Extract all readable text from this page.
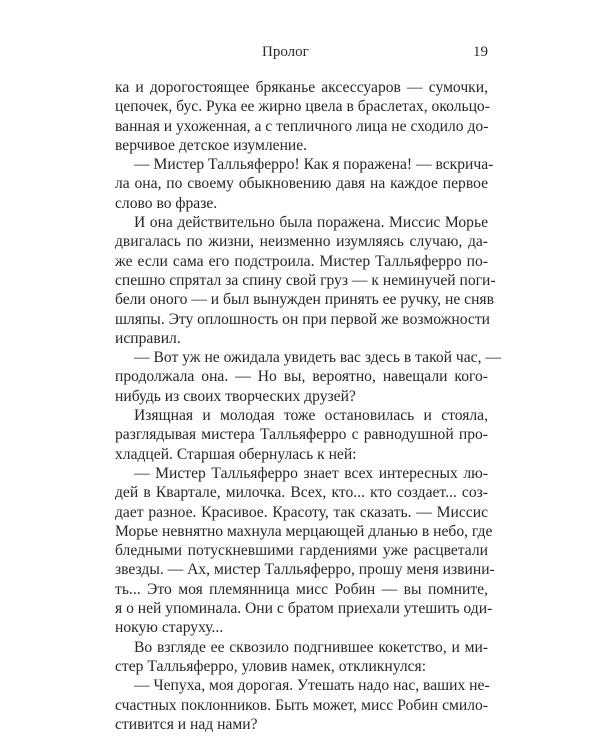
Пролог	19
ка и дорогостоящее бряканье аксессуаров — сумочки,
цепочек, бус. Рука ее жирно цвела в браслетах, окольцо-
ванная и ухоженная, а с тепличного лица не сходило до-
верчивое детское изумление.
— Мистер Талльяферро! Как я поражена! — вскрича-
ла она, по своему обыкновению давя на каждое первое
слово во фразе.
И она действительно была поражена. Миссис Морье
двигалась по жизни, неизменно изумляясь случаю, да-
же если сама его подстроила. Мистер Талльяферро по-
спешно спрятал за спину свой груз — к неминучей поги-
бели оного — и был вынужден принять ее ручку, не сняв
шляпы. Эту оплошность он при первой же возможности
исправил.
— Вот уж не ожидала увидеть вас здесь в такой час, —
продолжала она. — Но вы, вероятно, навещали кого-
нибудь из своих творческих друзей?
Изящная и молодая тоже остановилась и стояла,
разглядывая мистера Талльяферро с равнодушной про-
хладцей. Старшая обернулась к ней:
— Мистер Талльяферро знает всех интересных лю-
дей в Квартале, милочка. Всех, кто... кто создает... соз-
дает разное. Красивое. Красоту, так сказать. — Миссис
Морье невнятно махнула мерцающей дланью в небо, где
бледными потускневшими гардениями уже расцветали
звезды. — Ах, мистер Талльяферро, прошу меня извини-
ть... Это моя племянница мисс Робин — вы помните,
я о ней упоминала. Они с братом приехали утешить оди-
нокую старуху...
Во взгляде ее сквозило подгнившее кокетство, и ми-
стер Талльяферро, уловив намек, откликнулся:
— Чепуха, моя дорогая. Утешать надо нас, ваших не-
счастных поклонников. Быть может, мисс Робин смило-
стивится и над нами?
